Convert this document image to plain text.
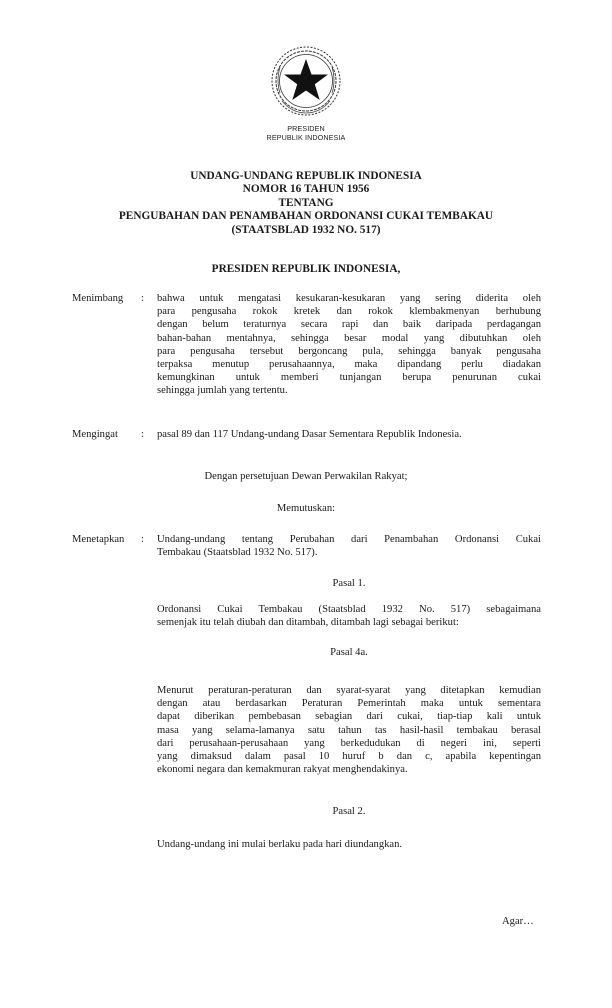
PRESIDEN
REPUBLIK INDONESIA
UNDANG-UNDANG REPUBLIK INDONESIA
NOMOR 16 TAHUN 1956
TENTANG
PENGUBAHAN DAN PENAMBAHAN ORDONANSI CUKAI TEMBAKAU
(STAATSBLAD 1932 NO. 517)
PRESIDEN REPUBLIK INDONESIA,
Menimbang : bahwa untuk mengatasi kesukaran-kesukaran yang sering diderita oleh
para pengusaha rokok kretek dan rokok klembakmenyan berhubung
dengan belum teraturnya secara rapi dan baik daripada perdagangan
bahan-bahan mentahnya, sehingga besar modal yang dibutuhkan oleh
para pengusaha tersebut bergoncang pula, sehingga banyak pengusaha
terpaksa menutup perusahaannya, maka dipandang perlu diadakan
kemungkinan untuk memberi tunjangan berupa penurunan cukai
sehingga jumlah yang tertentu.
Mengingat : pasal 89 dan 117 Undang-undang Dasar Sementara Republik Indonesia.
Dengan persetujuan Dewan Perwakilan Rakyat;
Memutuskan:
Menetapkan : Undang-undang tentang Perubahan dari Penambahan Ordonansi Cukai
Tembakau (Staatsblad 1932 No. 517).
Pasal 1.
Ordonansi Cukai Tembakau (Staatsblad 1932 No. 517) sebagaimana
semenjak itu telah diubah dan ditambah, ditambah lagi sebagai berikut:
Pasal 4a.
Menurut peraturan-peraturan dan syarat-syarat yang ditetapkan kemudian
dengan atau berdasarkan Peraturan Pemerintah maka untuk sementara
dapat diberikan pembebasan sebagian dari cukai, tiap-tiap kali untuk
masa yang selama-lamanya satu tahun tas hasil-hasil tembakau berasal
dari perusahaan-perusahaan yang berkedudukan di negeri ini, seperti
yang dimaksud dalam pasal 10 huruf b dan c, apabila kepentingan
ekonomi negara dan kemakmuran rakyat menghendakinya.
Pasal 2.
Undang-undang ini mulai berlaku pada hari diundangkan.
Agar…
